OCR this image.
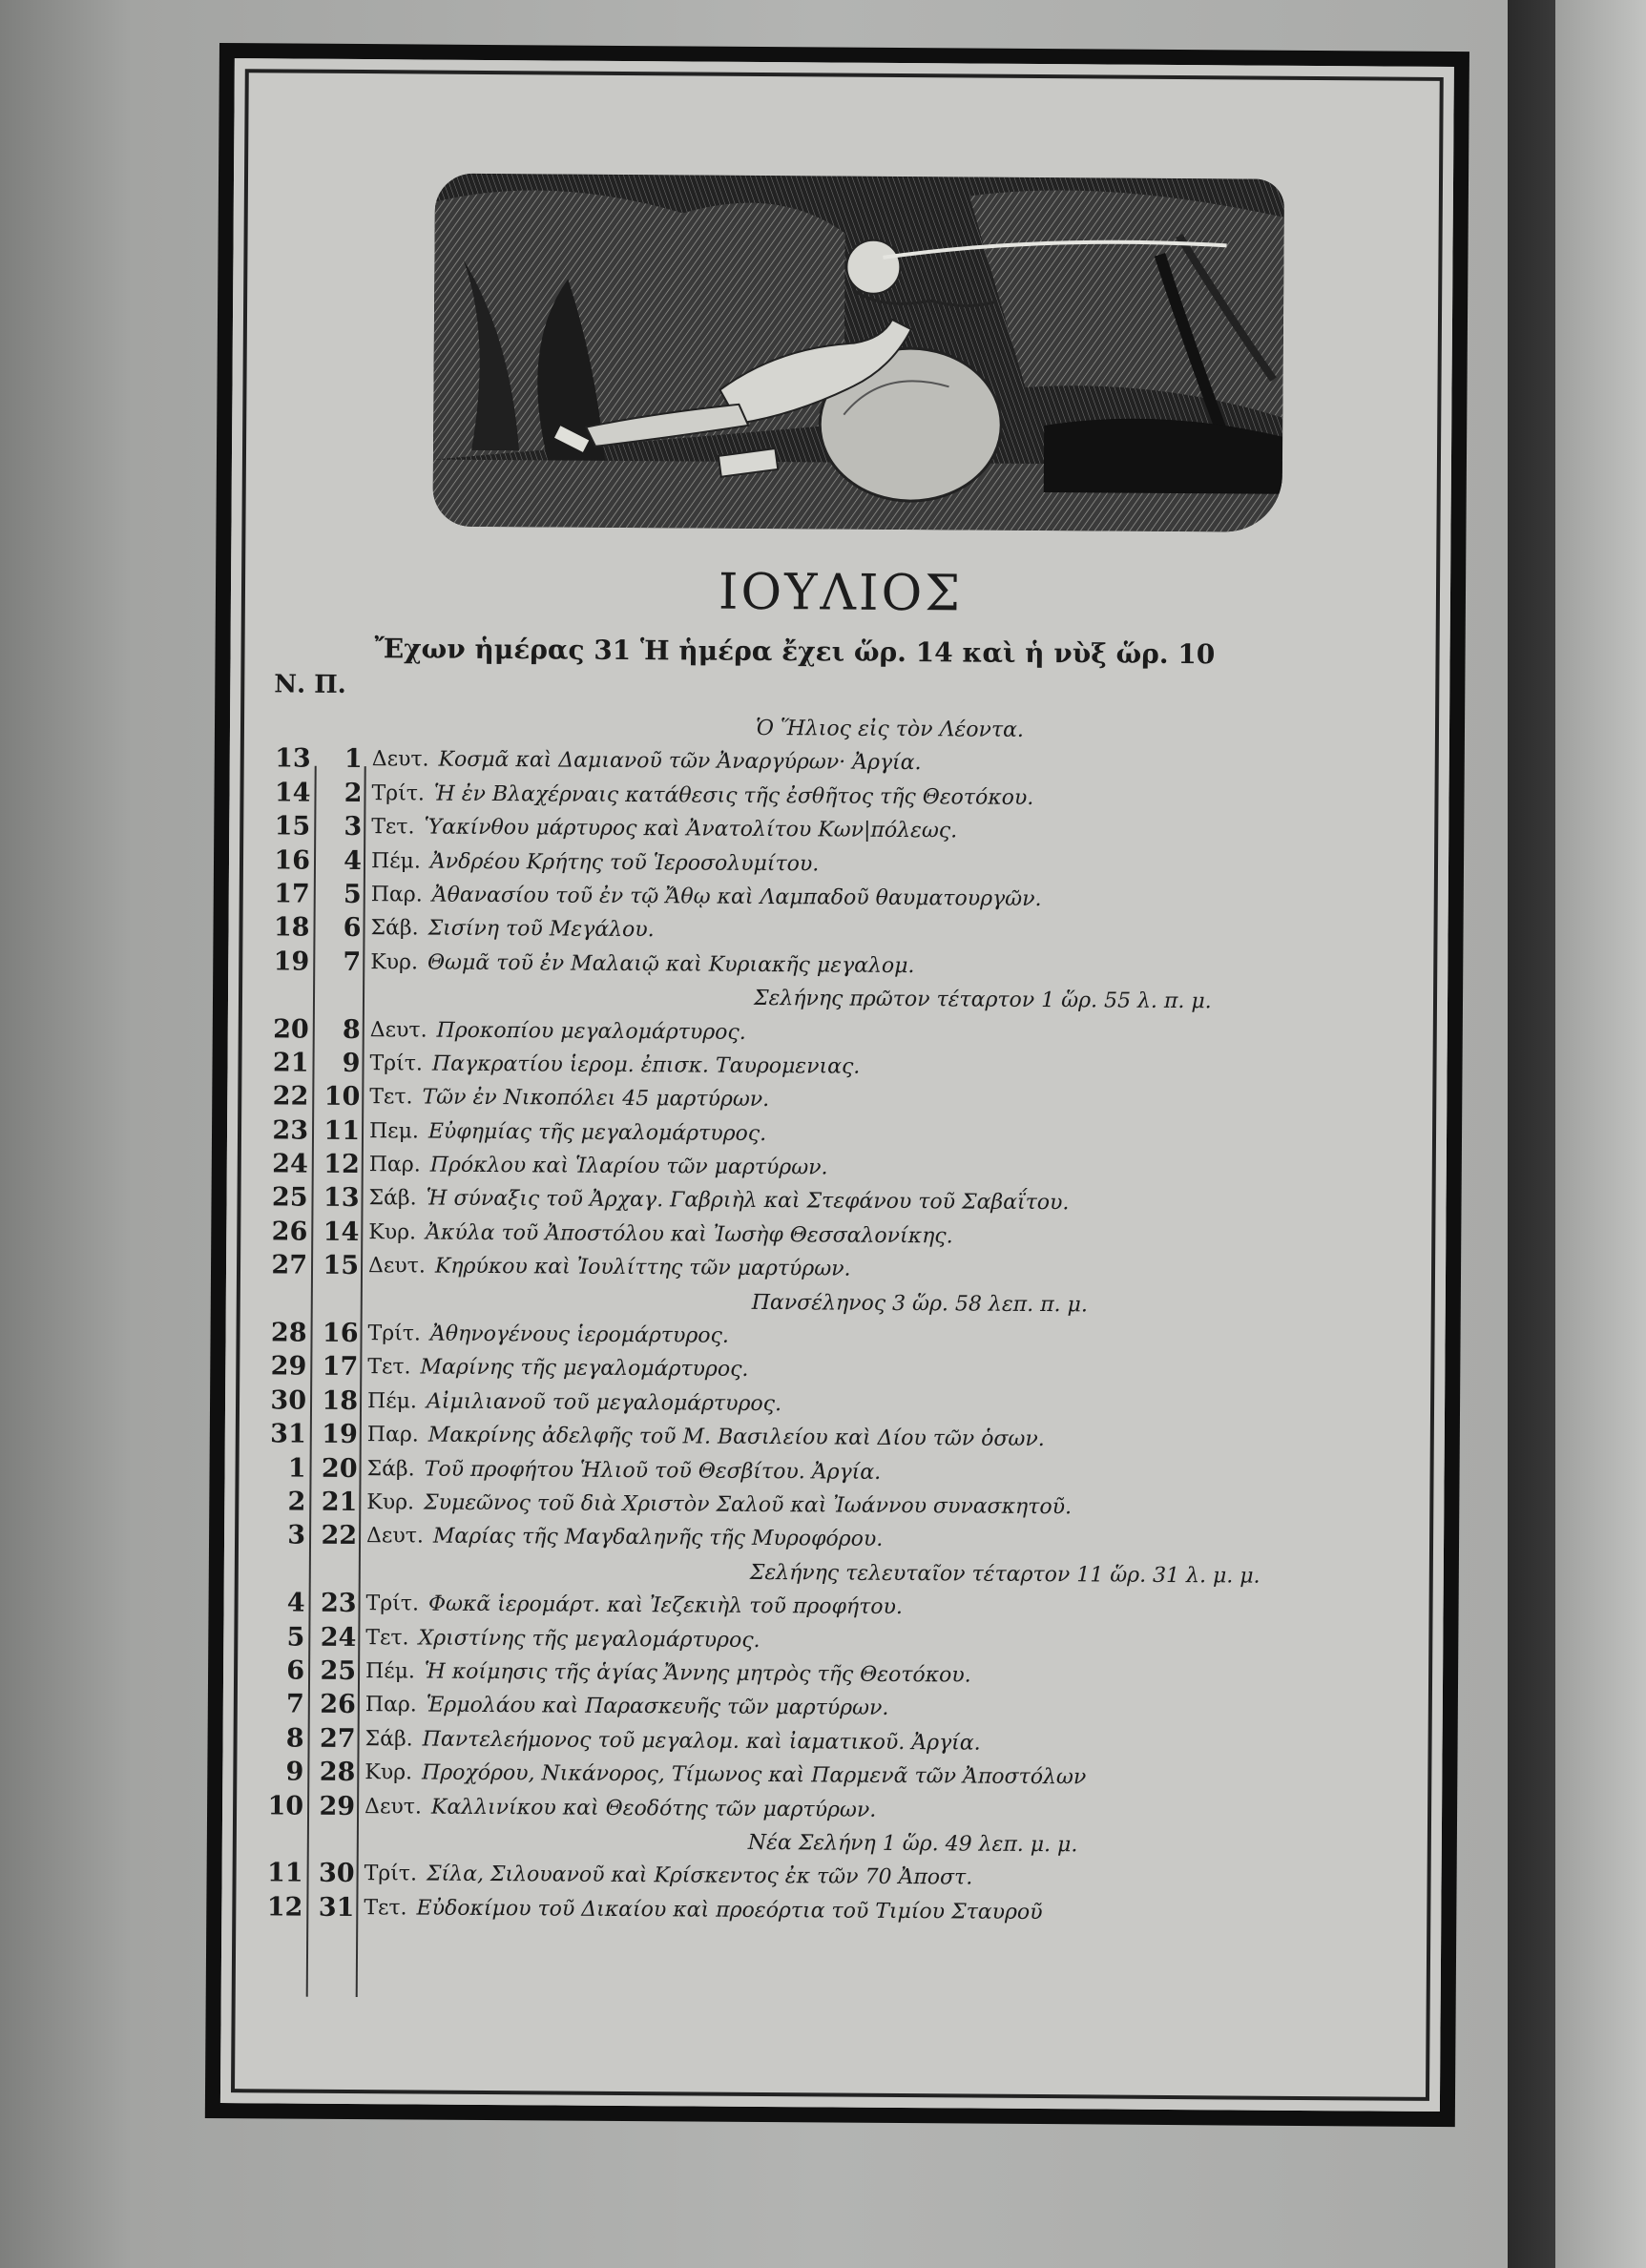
ΙΟΥΛΙΟΣ
Ἔχων ἡμέρας 31 Ἡ ἡμέρα ἔχει ὥρ. 14 καὶ ἡ νὺξ ὥρ. 10
Ν. Π.
Ὁ Ἥλιος εἰς τὸν Λέοντα.
13	1 Δευτ. Κοσμᾶ καὶ Δαμιανοῦ τῶν Ἀναργύρων· Ἀργία.
14	2 Τρίτ. Ἡ ἐν Βλαχέρναις κατάθεσις τῆς ἐσθῆτος τῆς Θεοτόκου.
15	3 Τετ. Ὑακίνθου μάρτυρος καὶ Ἀνατολίτου Κων|πόλεως.
16	4 Πέμ. Ἀνδρέου Κρήτης τοῦ Ἱεροσολυμίτου.
17	5 Παρ. Ἀθανασίου τοῦ ἐν τῷ Ἄθῳ καὶ Λαμπαδοῦ θαυματουργῶν.
18	6 Σάβ. Σισίνη τοῦ Μεγάλου.
19	7 Κυρ. Θωμᾶ τοῦ ἐν Μαλαιῷ καὶ Κυριακῆς μεγαλομ.
Σελήνης πρῶτον τέταρτον 1 ὥρ. 55 λ. π. μ.
20	8 Δευτ. Προκοπίου μεγαλομάρτυρος.
21	9 Τρίτ. Παγκρατίου ἱερομ. ἐπισκ. Ταυρομενιας.
22 10 Τετ. Τῶν ἐν Νικοπόλει 45 μαρτύρων.
23 11 Πεμ. Εὐφημίας τῆς μεγαλομάρτυρος.
24 12 Παρ. Πρόκλου καὶ Ἱλαρίου τῶν μαρτύρων.
25 13 Σάβ. Ἡ σύναξις τοῦ Ἀρχαγ. Γαβριὴλ καὶ Στεφάνου τοῦ Σαβαΐτου.
26 14 Κυρ. Ἀκύλα τοῦ Ἀποστόλου καὶ Ἰωσὴφ Θεσσαλονίκης.
27 15 Δευτ. Κηρύκου καὶ Ἰουλίττης τῶν μαρτύρων.
Πανσέληνος 3 ὥρ. 58 λεπ. π. μ.
28 16 Τρίτ. Ἀθηνογένους ἱερομάρτυρος.
29 17 Τετ. Μαρίνης τῆς μεγαλομάρτυρος.
30 18 Πέμ. Αἰμιλιανοῦ τοῦ μεγαλομάρτυρος.
31 19 Παρ. Μακρίνης ἀδελφῆς τοῦ Μ. Βασιλείου καὶ Δίου τῶν ὁσων.
1 20 Σάβ. Τοῦ προφήτου Ἡλιοῦ τοῦ Θεσβίτου. Ἀργία.
2 21 Κυρ. Συμεῶνος τοῦ διὰ Χριστὸν Σαλοῦ καὶ Ἰωάννου συνασκητοῦ.
3 22 Δευτ. Μαρίας τῆς Μαγδαληνῆς τῆς Μυροφόρου.
Σελήνης τελευταῖον τέταρτον 11 ὥρ. 31 λ. μ. μ.
4 23 Τρίτ. Φωκᾶ ἱερομάρτ. καὶ Ἰεζεκιὴλ τοῦ προφήτου.
5 24 Τετ. Χριστίνης τῆς μεγαλομάρτυρος.
6 25 Πέμ. Ἡ κοίμησις τῆς ἁγίας Ἄννης μητρὸς τῆς Θεοτόκου.
7 26 Παρ. Ἑρμολάου καὶ Παρασκευῆς τῶν μαρτύρων.
8 27 Σάβ. Παντελεήμονος τοῦ μεγαλομ. καὶ ἰαματικοῦ. Ἀργία.
9 28 Κυρ. Προχόρου, Νικάνορος, Τίμωνος καὶ Παρμενᾶ τῶν Ἀποστόλων
10 29 Δευτ. Καλλινίκου καὶ Θεοδότης τῶν μαρτύρων.
Νέα Σελήνη 1 ὥρ. 49 λεπ. μ. μ.
11 30 Τρίτ. Σίλα, Σιλουανοῦ καὶ Κρίσκεντος ἐκ τῶν 70 Ἀποστ.
12 31 Τετ. Εὐδοκίμου τοῦ Δικαίου καὶ προεόρτια τοῦ Τιμίου Σταυροῦ
